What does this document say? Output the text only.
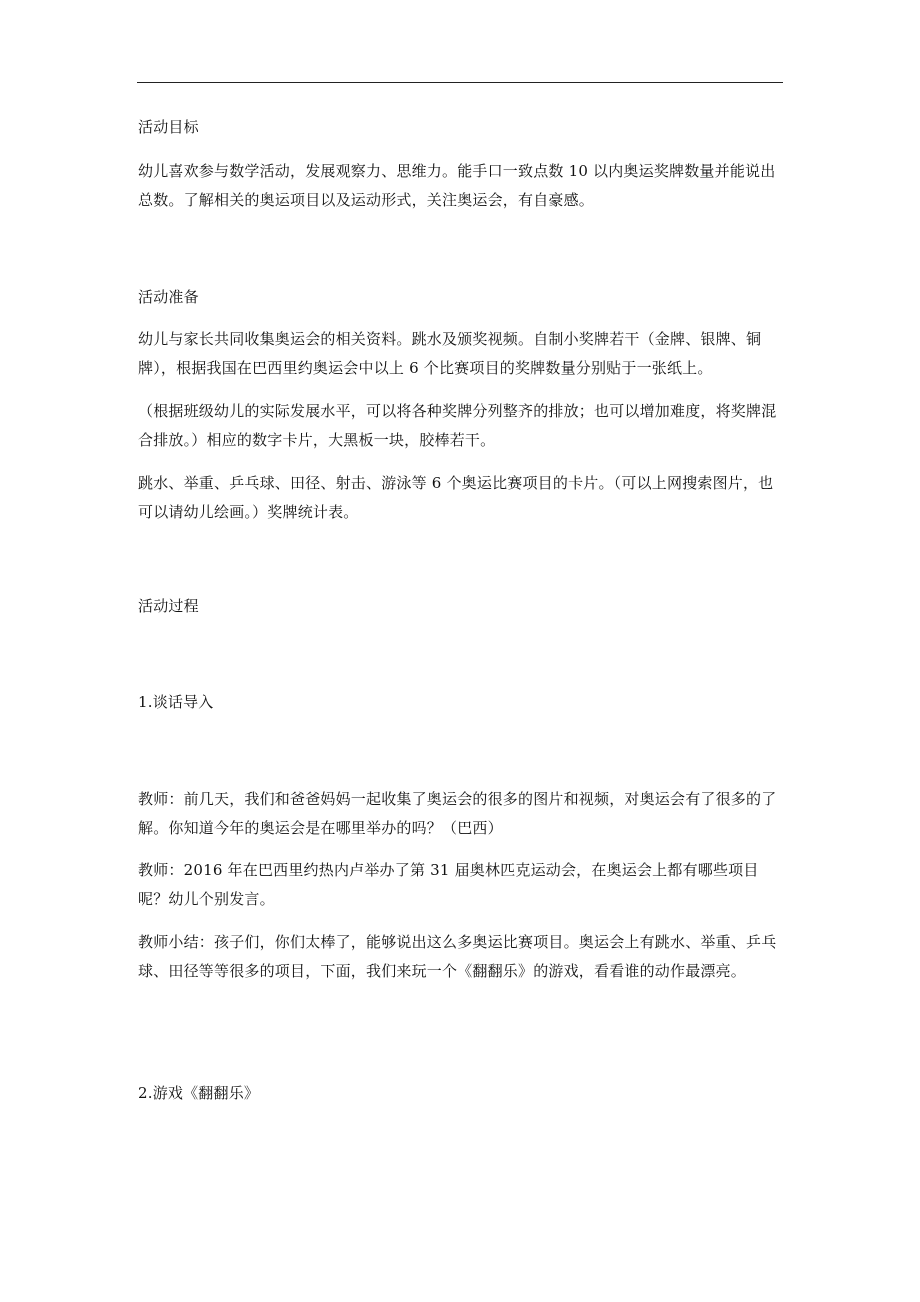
活动目标

幼儿喜欢参与数学活动，发展观察力、思维力。能手口一致点数 10 以内奥运奖牌数量并能说出总数。了解相关的奥运项目以及运动形式，关注奥运会，有自豪感。

活动准备

幼儿与家长共同收集奥运会的相关资料。跳水及颁奖视频。自制小奖牌若干（金牌、银牌、铜牌），根据我国在巴西里约奥运会中以上 6 个比赛项目的奖牌数量分别贴于一张纸上。

（根据班级幼儿的实际发展水平，可以将各种奖牌分列整齐的排放；也可以增加难度，将奖牌混合排放。）相应的数字卡片，大黑板一块，胶棒若干。

跳水、举重、乒乓球、田径、射击、游泳等 6 个奥运比赛项目的卡片。（可以上网搜索图片，也可以请幼儿绘画。）奖牌统计表。

活动过程

1.谈话导入

教师：前几天，我们和爸爸妈妈一起收集了奥运会的很多的图片和视频，对奥运会有了很多的了解。你知道今年的奥运会是在哪里举办的吗？（巴西）

教师：2016 年在巴西里约热内卢举办了第 31 届奥林匹克运动会，在奥运会上都有哪些项目呢？幼儿个别发言。

教师小结：孩子们，你们太棒了，能够说出这么多奥运比赛项目。奥运会上有跳水、举重、乒乓球、田径等等很多的项目，下面，我们来玩一个《翻翻乐》的游戏，看看谁的动作最漂亮。

2.游戏《翻翻乐》
